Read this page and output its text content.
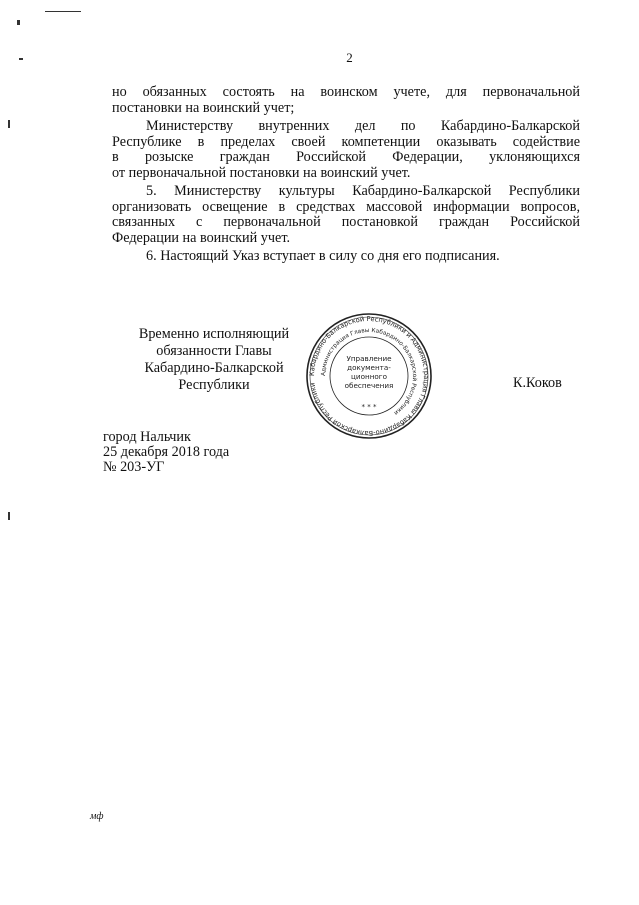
2

но обязанных состоять на воинском учете, для первоначальной
постановки на воинский учет;

Министерству внутренних дел по Кабардино-Балкарской
Республике в пределах своей компетенции оказывать содействие
в розыске граждан Российской Федерации, уклоняющихся
от первоначальной постановки на воинский учет.

5. Министерству культуры Кабардино-Балкарской Республики
организовать освещение в средствах массовой информации вопросов,
связанных с первоначальной постановкой граждан Российской
Федерации на воинский учет.

6. Настоящий Указ вступает в силу со дня его подписания.

Временно исполняющий
обязанности Главы
Кабардино-Балкарской Республики
Кабардино-Балкарской Республики и Администрация Главы Кабардино-Балкарской Республики
Администрация Главы Кабардино-Балкарской Республики
Управление
документа-
ционного
обеспечения
* * *
К.Коков
город Нальчик
25 декабря 2018 года
№ 203-УГ
мф
